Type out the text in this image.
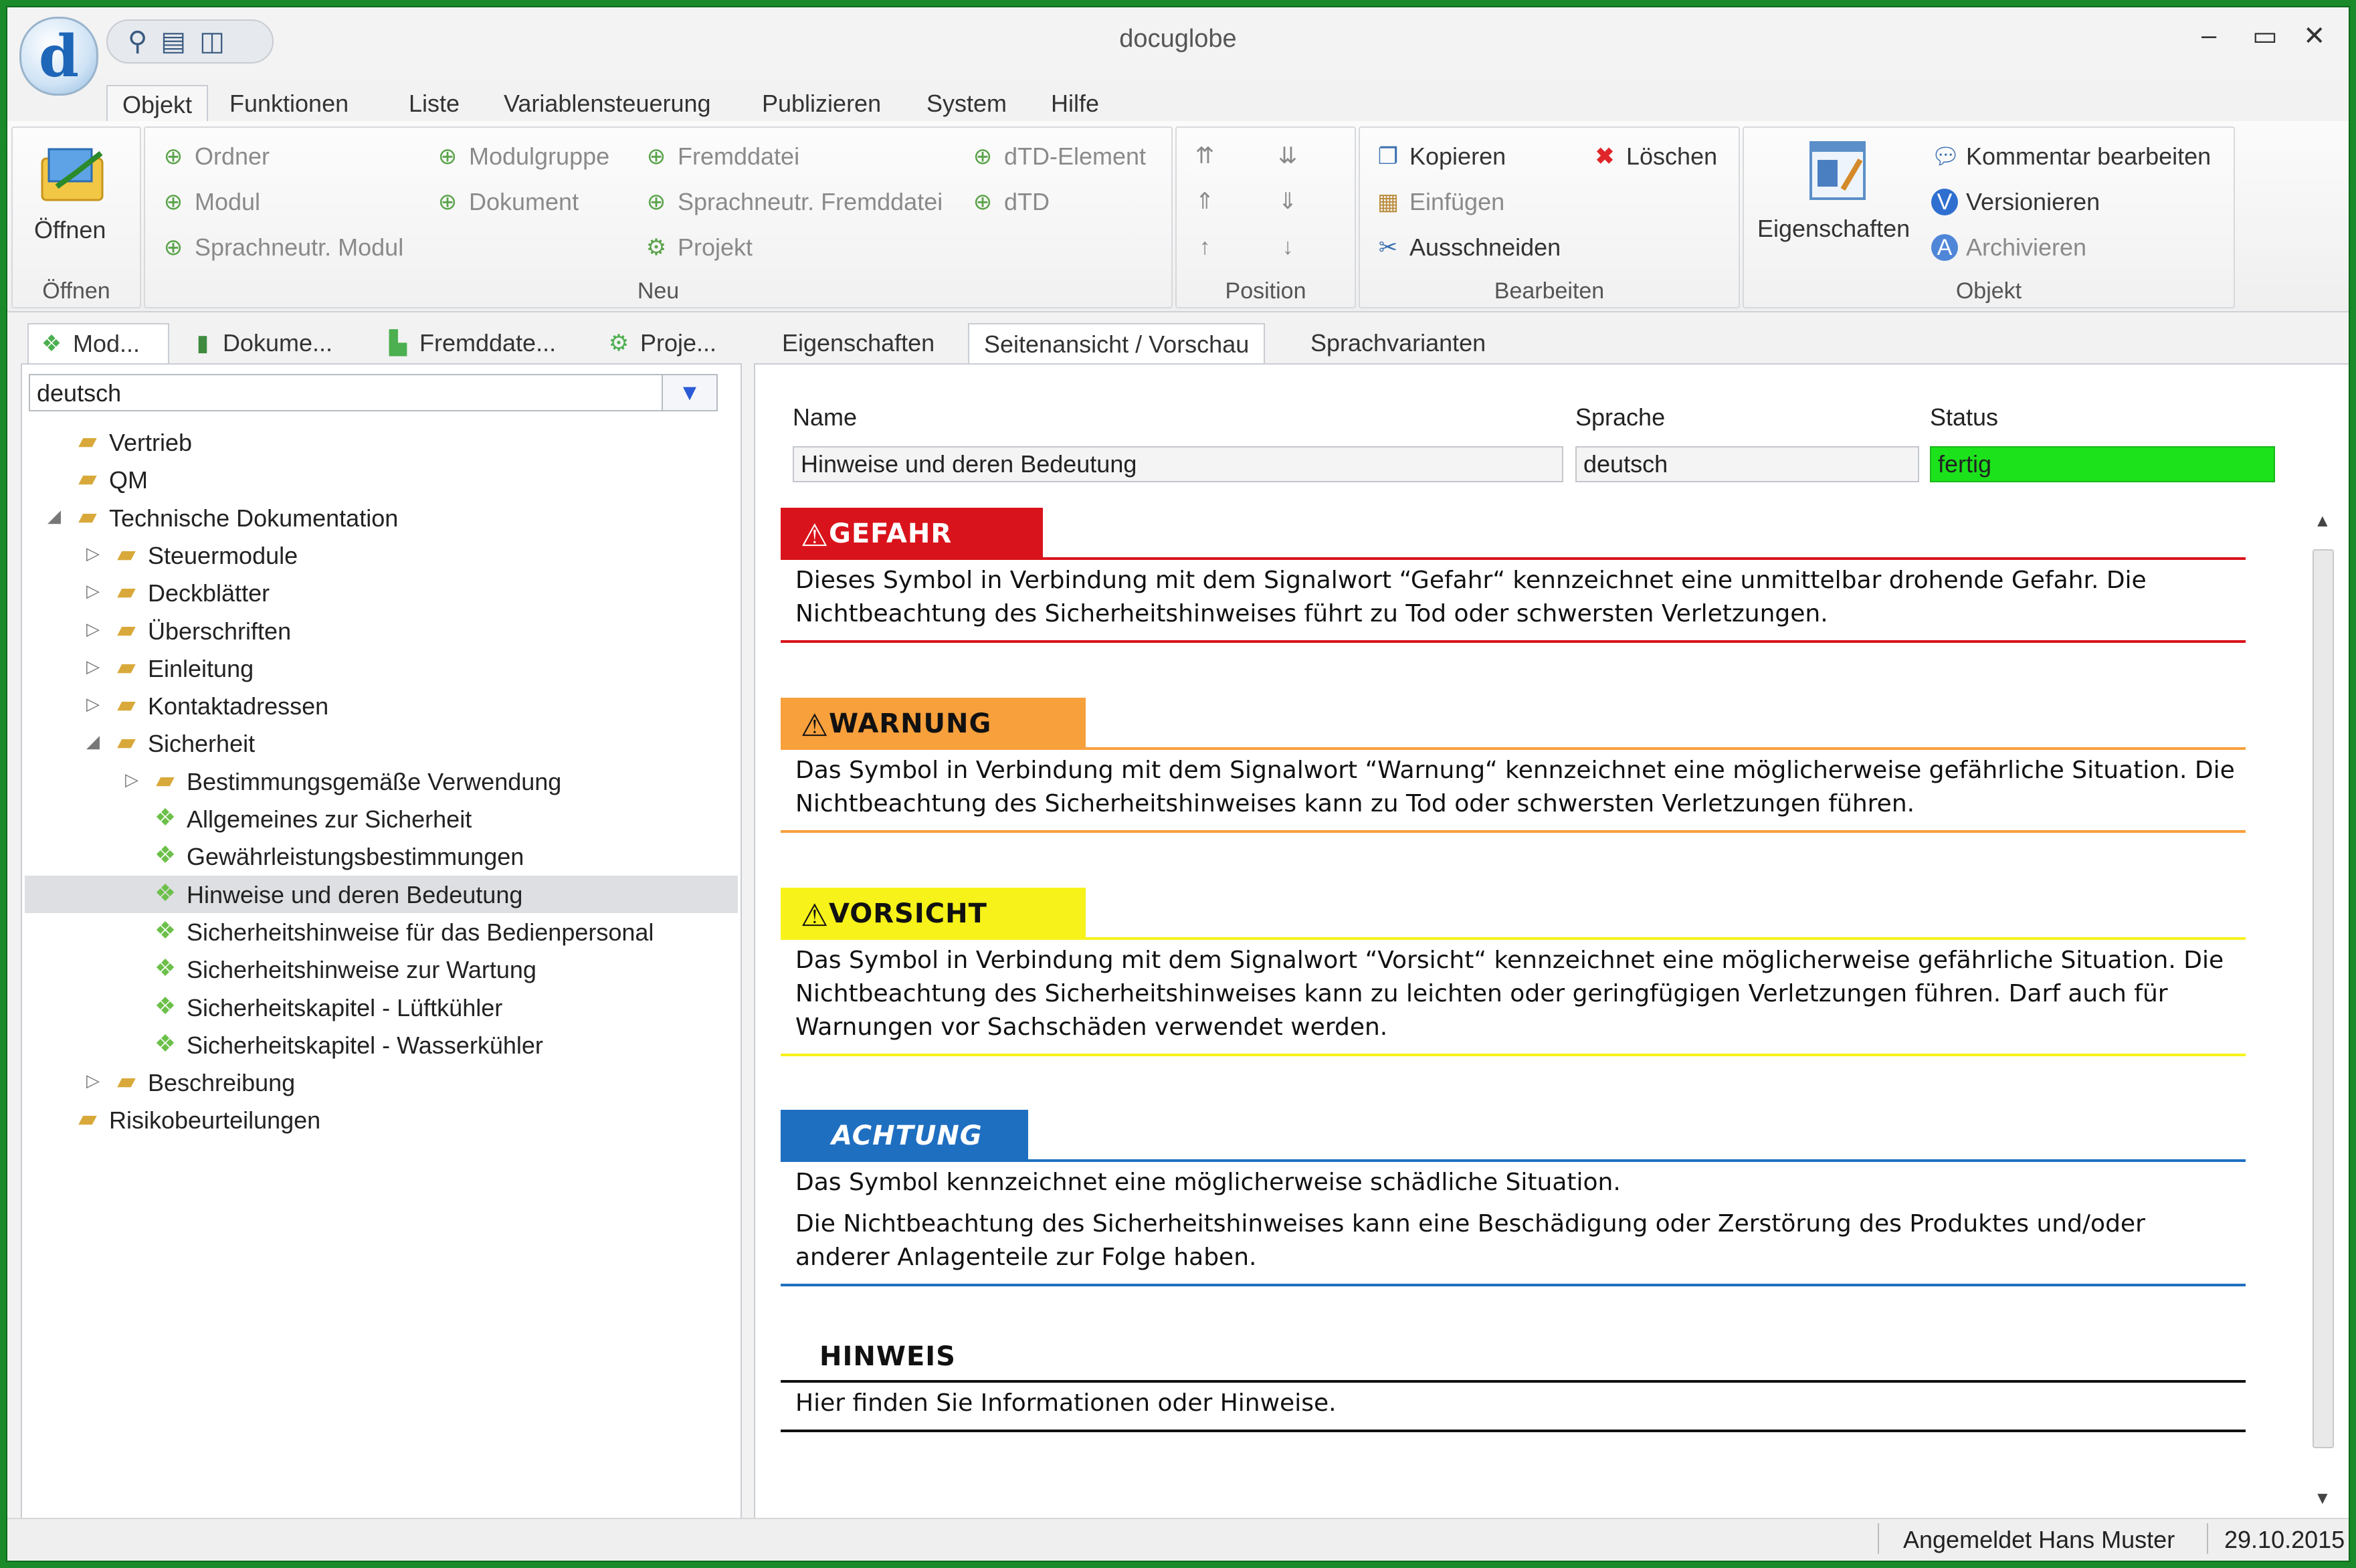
d	⚲ ▤ ◫	docuglobe	– ▭ ✕
Objekt	Funktionen	Liste	Variablensteuerung	Publizieren	System	Hilfe
Öffnen
Öffnen
⊕ Ordner
⊕ Modul
⊕ Sprachneutr. Modul
⊕ Modulgruppe
⊕ Dokument
⊕ Fremddatei
⊕ Sprachneutr. Fremddatei
⚙ Projekt
⊕ dTD-Element
⊕ dTD
Neu
⇈	⇊
⇑	⇓
↑	↓
Position
❐ Kopieren
▦ Einfügen
✂ Ausschneiden
✖ Löschen
Bearbeiten
Eigenschaften
💬︎ Kommentar bearbeiten
V Versionieren
A Archivieren
Objekt
❖ Mod... ▮ Dokume... ▙ Fremddate... ⚙ Proje...
deutsch	▼
▰ Vertrieb
▰ QM
◢ ▰ Technische Dokumentation
▷ ▰ Steuermodule
▷ ▰ Deckblätter
▷ ▰ Überschriften
▷ ▰ Einleitung
▷ ▰ Kontaktadressen
◢ ▰ Sicherheit
▷ ▰ Bestimmungsgemäße Verwendung
❖ Allgemeines zur Sicherheit
❖ Gewährleistungsbestimmungen
❖ Hinweise und deren Bedeutung
❖ Sicherheitshinweise für das Bedienpersonal
❖ Sicherheitshinweise zur Wartung
❖ Sicherheitskapitel - Lüftkühler
❖ Sicherheitskapitel - Wasserkühler
▷ ▰ Beschreibung
▰ Risikobeurteilungen
Eigenschaften	Seitenansicht / Vorschau	Sprachvarianten
Name	Sprache	Status
Hinweise und deren Bedeutung	deutsch	fertig
⚠ GEFAHR
Dieses Symbol in Verbindung mit dem Signalwort “Gefahr“ kennzeichnet eine unmittelbar drohende Gefahr. Die
Nichtbeachtung des Sicherheitshinweises führt zu Tod oder schwersten Verletzungen.
⚠ WARNUNG
Das Symbol in Verbindung mit dem Signalwort “Warnung“ kennzeichnet eine möglicherweise gefährliche Situation. Die
Nichtbeachtung des Sicherheitshinweises kann zu Tod oder schwersten Verletzungen führen.
⚠ VORSICHT
Das Symbol in Verbindung mit dem Signalwort “Vorsicht“ kennzeichnet eine möglicherweise gefährliche Situation. Die
Nichtbeachtung des Sicherheitshinweises kann zu leichten oder geringfügigen Verletzungen führen. Darf auch für
Warnungen vor Sachschäden verwendet werden.
ACHTUNG
Das Symbol kennzeichnet eine möglicherweise schädliche Situation.
Die Nichtbeachtung des Sicherheitshinweises kann eine Beschädigung oder Zerstörung des Produktes und/oder
anderer Anlagenteile zur Folge haben.
HINWEIS
Hier finden Sie Informationen oder Hinweise.
▲
▼
Angemeldet Hans Muster 29.10.2015
